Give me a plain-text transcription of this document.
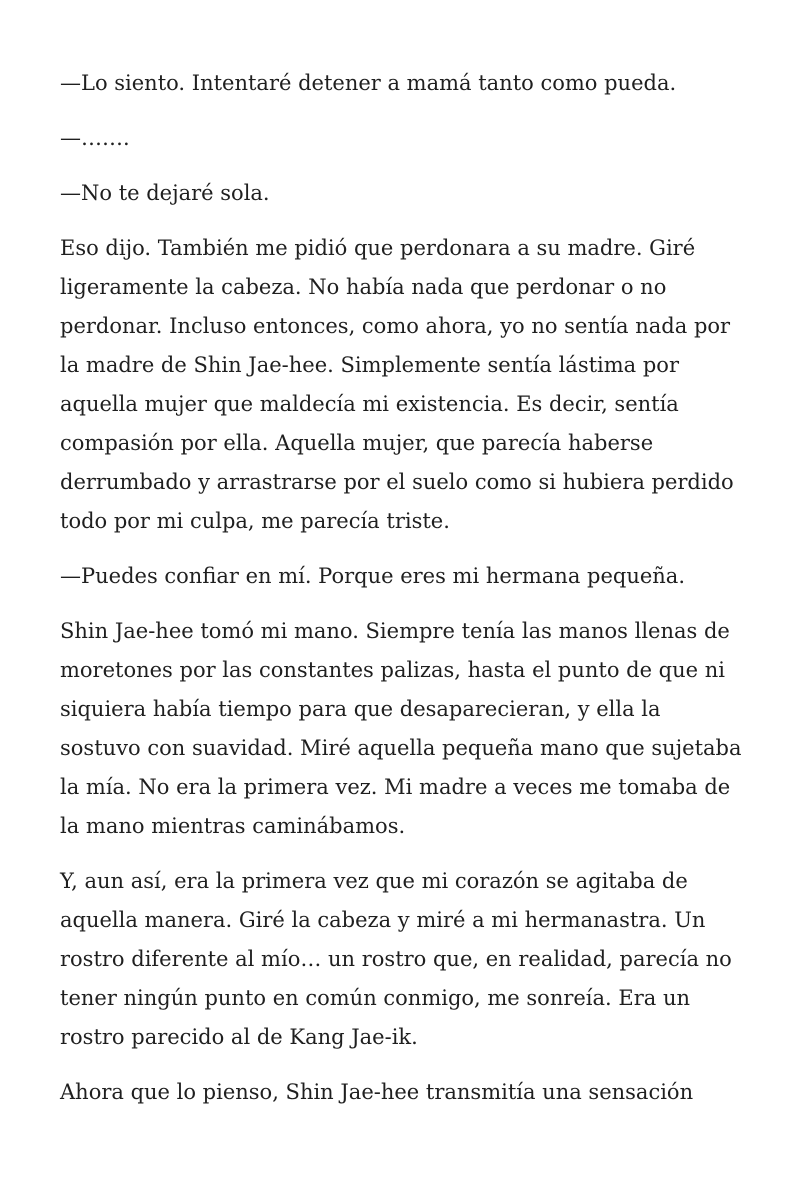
—Lo siento. Intentaré detener a mamá tanto como pueda.

—…….

—No te dejaré sola.

Eso dijo. También me pidió que perdonara a su madre. Giré ligeramente la cabeza. No había nada que perdonar o no perdonar. Incluso entonces, como ahora, yo no sentía nada por la madre de Shin Jae-hee. Simplemente sentía lástima por aquella mujer que maldecía mi existencia. Es decir, sentía compasión por ella. Aquella mujer, que parecía haberse derrumbado y arrastrarse por el suelo como si hubiera perdido todo por mi culpa, me parecía triste.

—Puedes confiar en mí. Porque eres mi hermana pequeña.

Shin Jae-hee tomó mi mano. Siempre tenía las manos llenas de moretones por las constantes palizas, hasta el punto de que ni siquiera había tiempo para que desaparecieran, y ella la sostuvo con suavidad. Miré aquella pequeña mano que sujetaba la mía. No era la primera vez. Mi madre a veces me tomaba de la mano mientras caminábamos.

Y, aun así, era la primera vez que mi corazón se agitaba de aquella manera. Giré la cabeza y miré a mi hermanastra. Un rostro diferente al mío… un rostro que, en realidad, parecía no tener ningún punto en común conmigo, me sonreía. Era un rostro parecido al de Kang Jae-ik.

Ahora que lo pienso, Shin Jae-hee transmitía una sensación
